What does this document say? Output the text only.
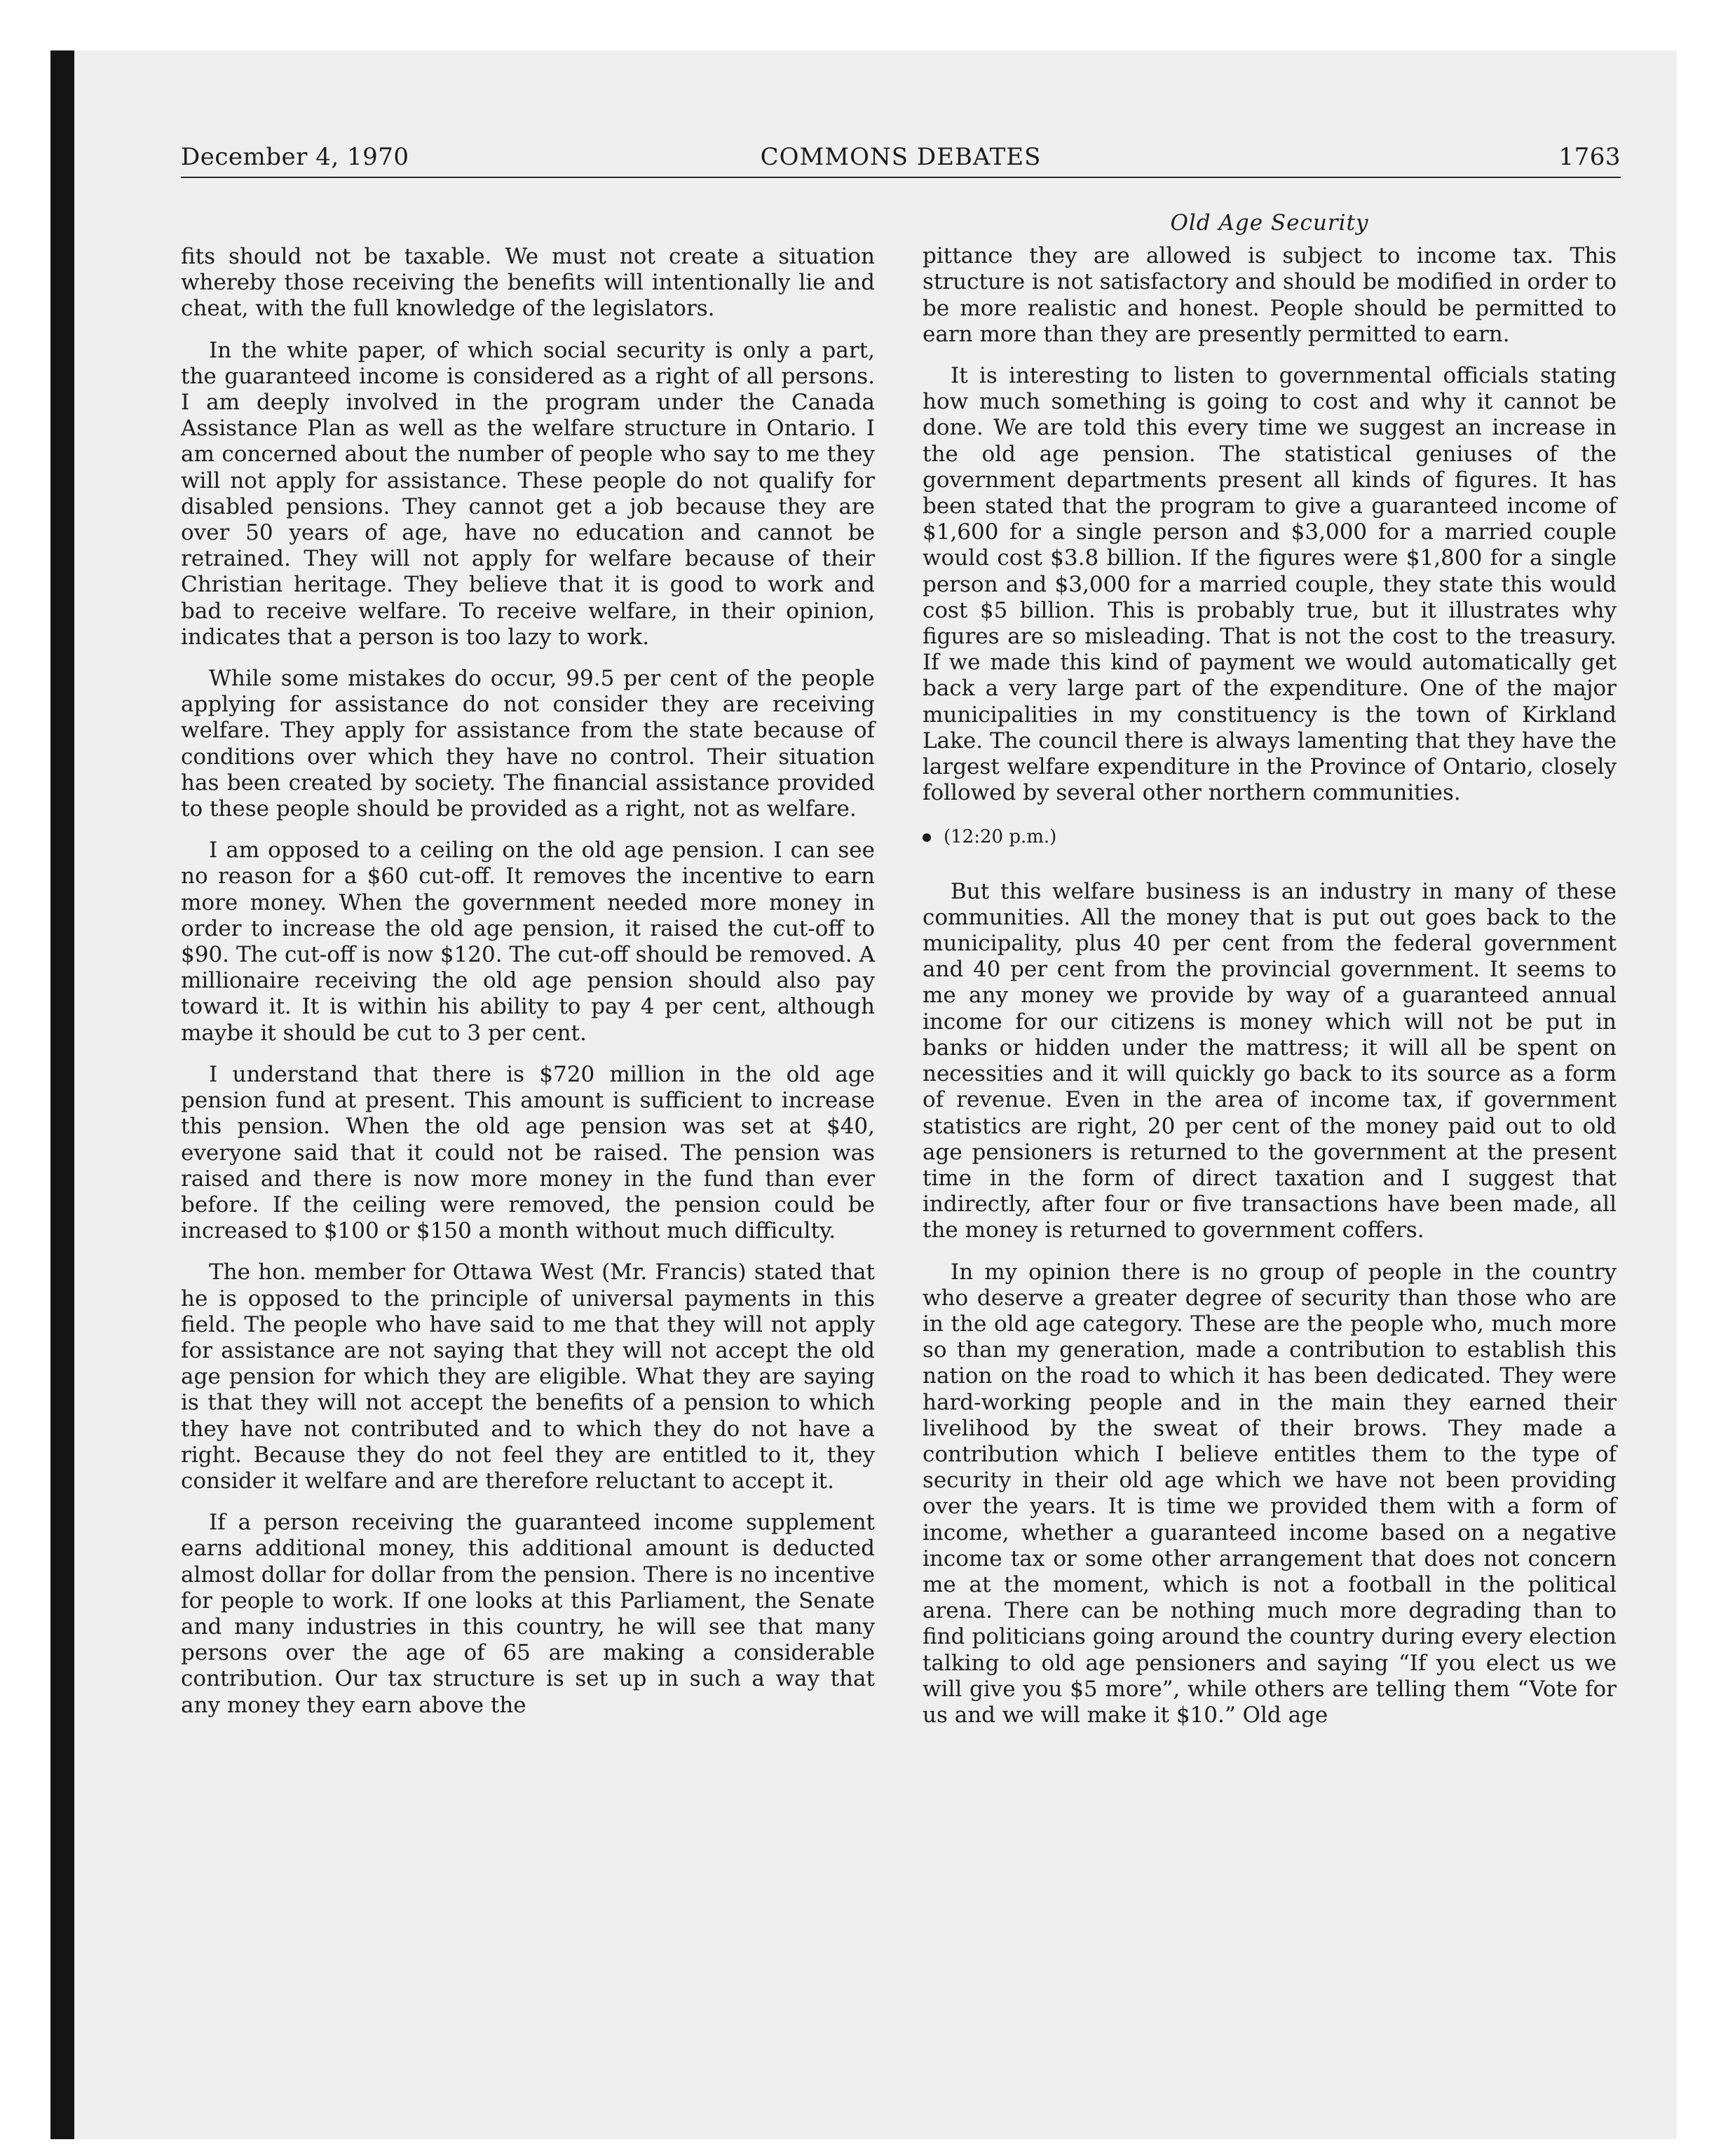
December 4, 1970	COMMONS DEBATES	1763

fits should not be taxable. We must not create a situation whereby those receiving the benefits will intentionally lie and cheat, with the full knowledge of the legislators.

In the white paper, of which social security is only a part, the guaranteed income is considered as a right of all persons. I am deeply involved in the program under the Canada Assistance Plan as well as the welfare structure in Ontario. I am concerned about the number of people who say to me they will not apply for assistance. These people do not qualify for disabled pensions. They cannot get a job because they are over 50 years of age, have no education and cannot be retrained. They will not apply for welfare because of their Christian heritage. They believe that it is good to work and bad to receive welfare. To receive welfare, in their opinion, indicates that a person is too lazy to work.

While some mistakes do occur, 99.5 per cent of the people applying for assistance do not consider they are receiving welfare. They apply for assistance from the state because of conditions over which they have no control. Their situation has been created by society. The financial assistance provided to these people should be provided as a right, not as welfare.

I am opposed to a ceiling on the old age pension. I can see no reason for a $60 cut-off. It removes the incentive to earn more money. When the government needed more money in order to increase the old age pension, it raised the cut-off to $90. The cut-off is now $120. The cut-off should be removed. A millionaire receiving the old age pension should also pay toward it. It is within his ability to pay 4 per cent, although maybe it should be cut to 3 per cent.

I understand that there is $720 million in the old age pension fund at present. This amount is sufficient to increase this pension. When the old age pension was set at $40, everyone said that it could not be raised. The pension was raised and there is now more money in the fund than ever before. If the ceiling were removed, the pension could be increased to $100 or $150 a month without much difficulty.

The hon. member for Ottawa West (Mr. Francis) stated that he is opposed to the principle of universal payments in this field. The people who have said to me that they will not apply for assistance are not saying that they will not accept the old age pension for which they are eligible. What they are saying is that they will not accept the benefits of a pension to which they have not contributed and to which they do not have a right. Because they do not feel they are entitled to it, they consider it welfare and are therefore reluctant to accept it.

If a person receiving the guaranteed income supplement earns additional money, this additional amount is deducted almost dollar for dollar from the pension. There is no incentive for people to work. If one looks at this Parliament, the Senate and many industries in this country, he will see that many persons over the age of 65 are making a considerable contribution. Our tax structure is set up in such a way that any money they earn above the

Old Age Security

pittance they are allowed is subject to income tax. This structure is not satisfactory and should be modified in order to be more realistic and honest. People should be permitted to earn more than they are presently permitted to earn.

It is interesting to listen to governmental officials stating how much something is going to cost and why it cannot be done. We are told this every time we suggest an increase in the old age pension. The statistical geniuses of the government departments present all kinds of figures. It has been stated that the program to give a guaranteed income of $1,600 for a single person and $3,000 for a married couple would cost $3.8 billion. If the figures were $1,800 for a single person and $3,000 for a married couple, they state this would cost $5 billion. This is probably true, but it illustrates why figures are so misleading. That is not the cost to the treasury. If we made this kind of payment we would automatically get back a very large part of the expenditure. One of the major municipalities in my constituency is the town of Kirkland Lake. The council there is always lamenting that they have the largest welfare expenditure in the Province of Ontario, closely followed by several other northern communities.

(12:20 p.m.)

But this welfare business is an industry in many of these communities. All the money that is put out goes back to the municipality, plus 40 per cent from the federal government and 40 per cent from the provincial government. It seems to me any money we provide by way of a guaranteed annual income for our citizens is money which will not be put in banks or hidden under the mattress; it will all be spent on necessities and it will quickly go back to its source as a form of revenue. Even in the area of income tax, if government statistics are right, 20 per cent of the money paid out to old age pensioners is returned to the government at the present time in the form of direct taxation and I suggest that indirectly, after four or five transactions have been made, all the money is returned to government coffers.

In my opinion there is no group of people in the country who deserve a greater degree of security than those who are in the old age category. These are the people who, much more so than my generation, made a contribution to establish this nation on the road to which it has been dedicated. They were hard-working people and in the main they earned their livelihood by the sweat of their brows. They made a contribution which I believe entitles them to the type of security in their old age which we have not been providing over the years. It is time we provided them with a form of income, whether a guaranteed income based on a negative income tax or some other arrangement that does not concern me at the moment, which is not a football in the political arena. There can be nothing much more degrading than to find politicians going around the country during every election talking to old age pensioners and saying “If you elect us we will give you $5 more”, while others are telling them “Vote for us and we will make it $10.” Old age
